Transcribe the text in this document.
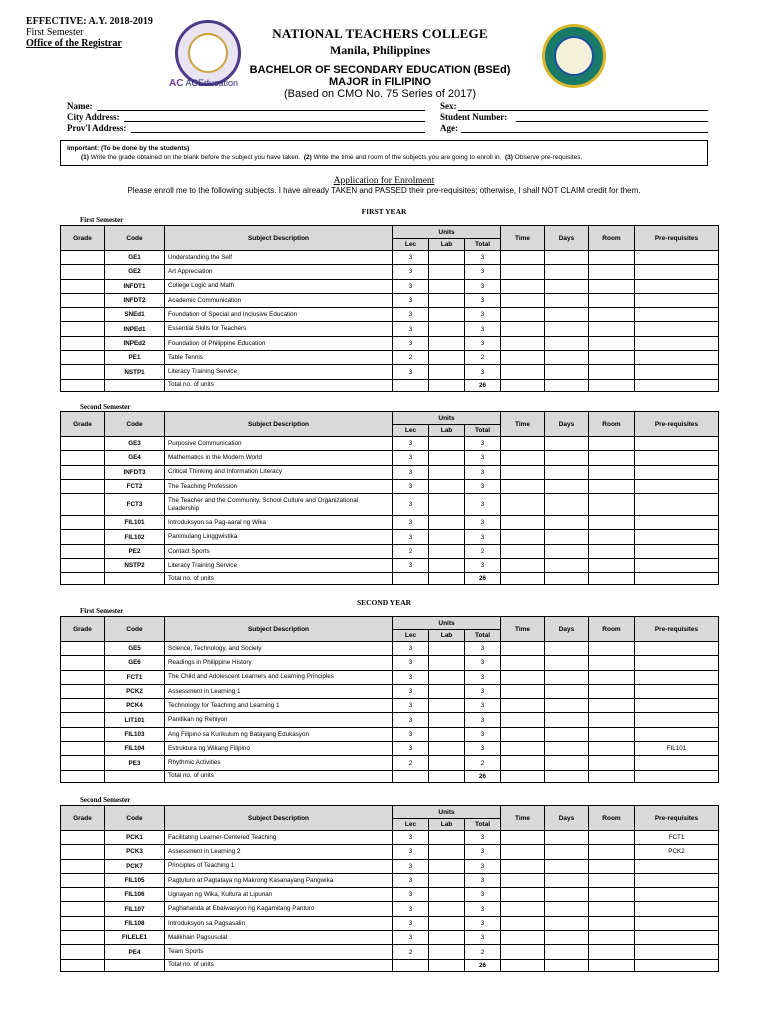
EFFECTIVE: A.Y. 2018-2019
First Semester
Office of the Registrar
AC ACEducation
NATIONAL TEACHERS COLLEGE
Manila, Philippines
BACHELOR OF SECONDARY EDUCATION (BSEd)
MAJOR in FILIPINO
(Based on CMO No. 75 Series of 2017)
Name:
City Address:
Prov'l Address:
Sex:
Student Number:
Age:
Important: (To be done by the students)
(1) Write the grade obtained on the blank before the subject you have taken. (2) Write the time and room of the subjects you are going to enroll in. (3) Observe pre-requisites.
Application for Enrolment
Please enroll me to the following subjects. I have already TAKEN and PASSED their pre-requisites; otherwise, I shall NOT CLAIM credit for them.
FIRST YEAR
First Semester
Grade	Code	Subject Description	Units			Time	Days	Room	Pre-requisites
			Lec	Lab	Total				
	GE1	Understanding the Self	3		3				
	GE2	Art Appreciation	3		3				
	INFDT1	College Logic and Math	3		3				
	INFDT2	Academic Communication	3		3				
	SNEd1	Foundation of Special and Inclusive Education	3		3				
	INPEd1	Essential Skills for Teachers	3		3				
	INPEd2	Foundation of Philippine Education	3		3				
	PE1	Table Tennis	2		2				
	NSTP1	Literacy Training Service	3		3				
		Total no. of units			26				
Second Semester
Grade	Code	Subject Description	Units			Time	Days	Room	Pre-requisites
			Lec	Lab	Total				
	GE3	Purposive Communication	3		3				
	GE4	Mathematics in the Modern World	3		3				
	INFDT3	Critical Thinking and Information Literacy	3		3				
	FCT2	The Teaching Profession	3		3				
	FCT3	The Teacher and the Community, School Culture and Organizational Leadership	3		3				
	FIL101	Introduksyon sa Pag-aaral ng Wika	3		3				
	FIL102	Panimulang Linggwistika	3		3				
	PE2	Contact Sports	2		2				
	NSTP2	Literacy Training Service	3		3				
		Total no. of units			26				
SECOND YEAR
First Semester
Grade	Code	Subject Description	Units			Time	Days	Room	Pre-requisites
			Lec	Lab	Total				
	GE5	Science, Technology, and Society	3		3				
	GE6	Readings in Philippine History	3		3				
	FCT1	The Child and Adolescent Learners and Learning Principles	3		3				
	PCK2	Assessment in Learning 1	3		3				
	PCK4	Technology for Teaching and Learning 1	3		3				
	LIT101	Panitikan ng Rehiyon	3		3				
	FIL103	Ang Filipino sa Kurikulum ng Batayang Edukasyon	3		3				
	FIL104	Estruktura ng Wikang Filipino	3		3				FIL101
	PE3	Rhythmic Activities	2		2				
		Total no. of units			26				
Second Semester
Grade	Code	Subject Description	Units			Time	Days	Room	Pre-requisites
			Lec	Lab	Total				
	PCK1	Facilitating Learner-Centered Teaching	3		3				FCT1
	PCK3	Assessment in Learning 2	3		3				PCK2
	PCK7	Principles of Teaching 1	3		3				
	FIL105	Pagtuturo at Pagtataya ng Makrong Kasanayang Pangwika	3		3				
	FIL106	Ugnayan ng Wika, Kultura at Lipunan	3		3				
	FIL107	Paghahanda at Ebalwasyon ng Kagamitang Panturo	3		3				
	FIL108	Introduksyon sa Pagsasalin	3		3				
	FILELE1	Malikhain Pagsusulat	3		3				
	PE4	Team Sports	2		2				
		Total no. of units			26				
